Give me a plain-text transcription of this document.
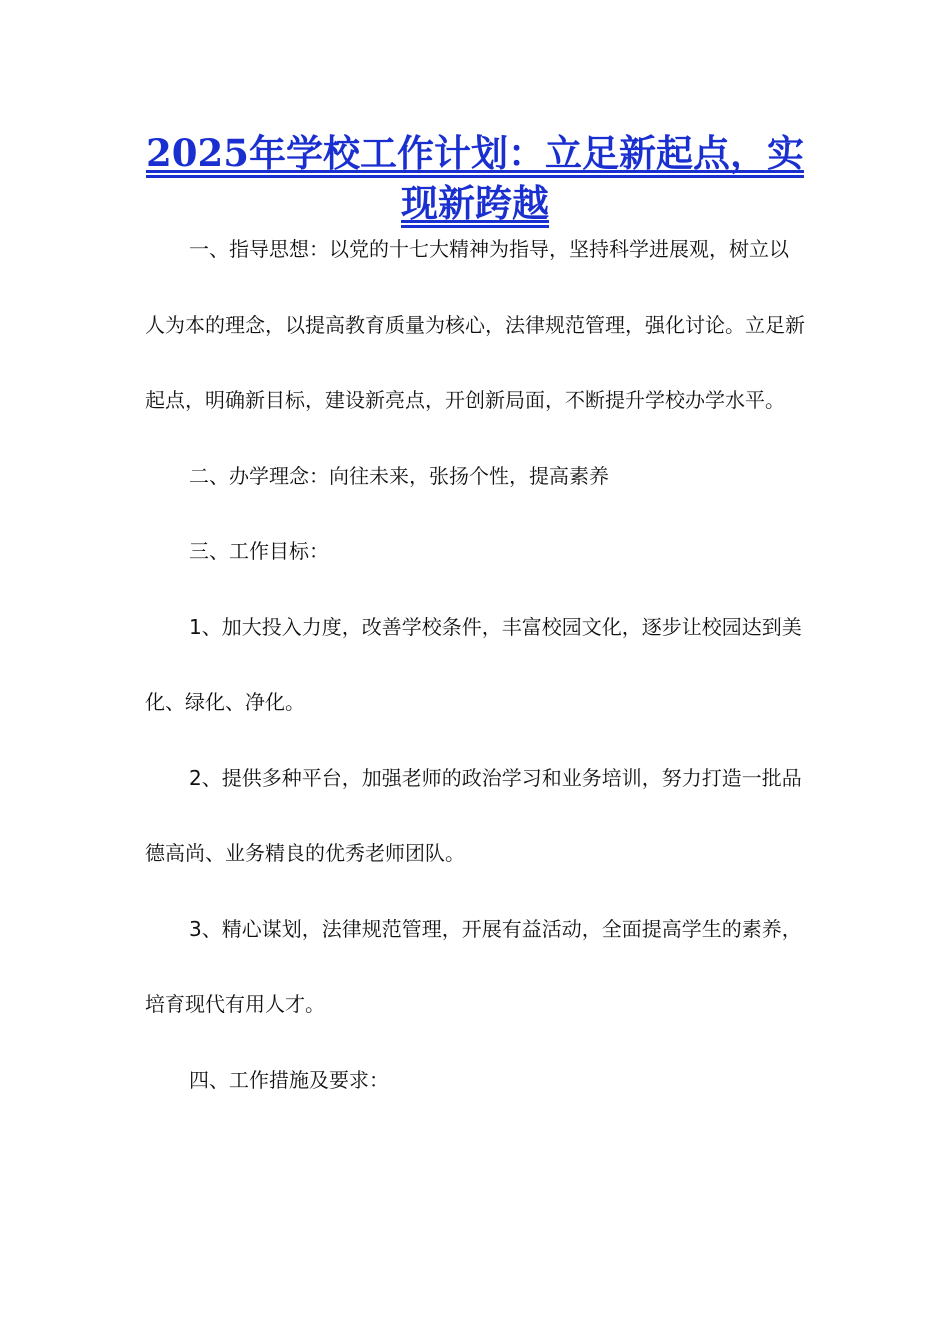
2025年学校工作计划：立足新起点，实现新跨越

一、指导思想：以党的十七大精神为指导，坚持科学进展观，树立以人为本的理念，以提高教育质量为核心，法律规范管理，强化讨论。立足新起点，明确新目标，建设新亮点，开创新局面，不断提升学校办学水平。

二、办学理念：向往未来，张扬个性，提高素养

三、工作目标：

1、加大投入力度，改善学校条件，丰富校园文化，逐步让校园达到美化、绿化、净化。

2、提供多种平台，加强老师的政治学习和业务培训，努力打造一批品德高尚、业务精良的优秀老师团队。

3、精心谋划，法律规范管理，开展有益活动，全面提高学生的素养，培育现代有用人才。

四、工作措施及要求：
